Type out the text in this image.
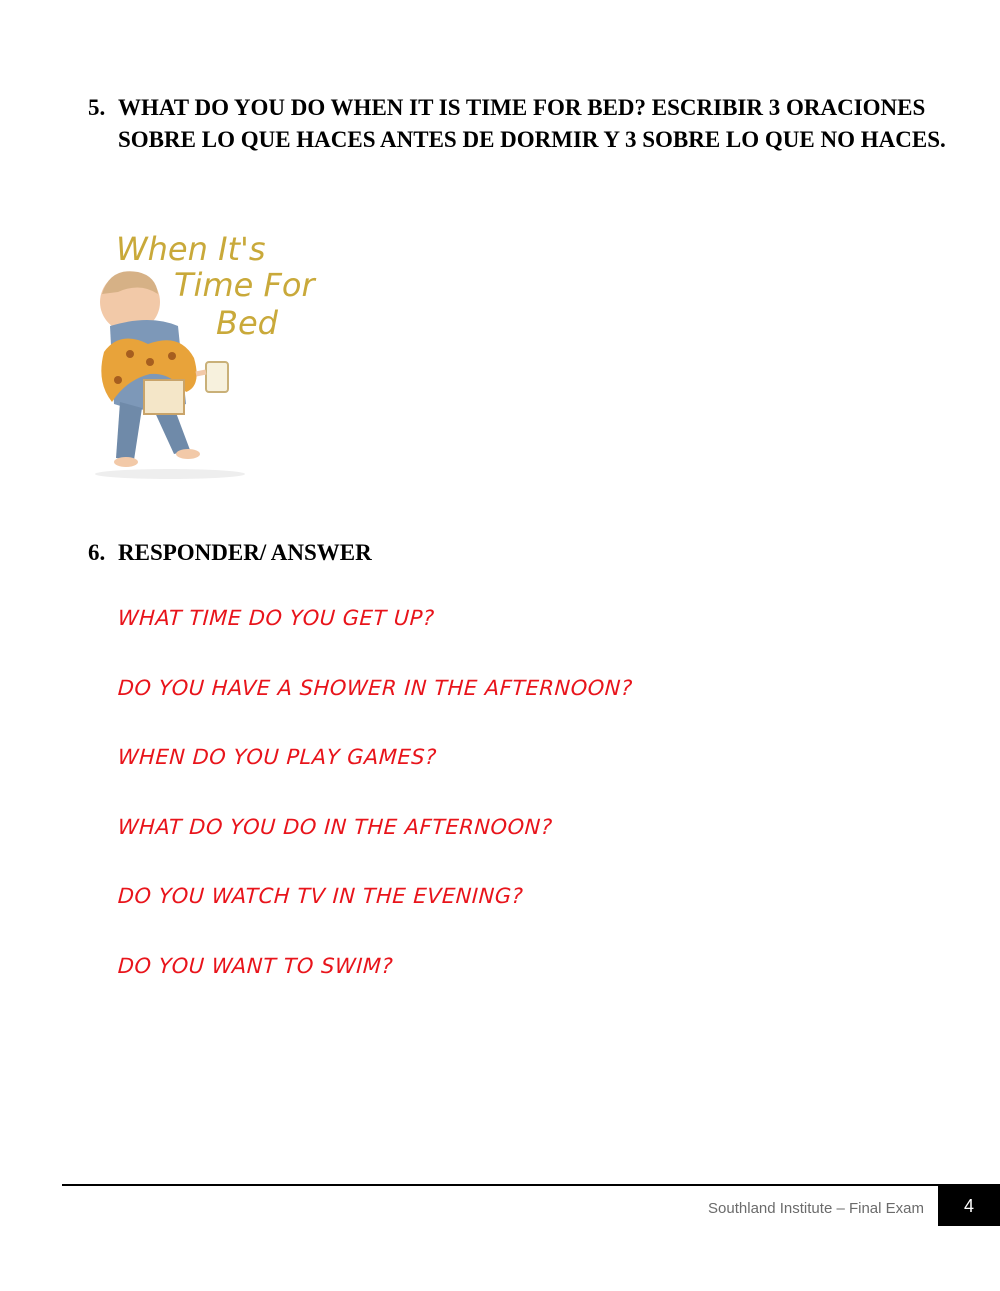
5. WHAT DO YOU DO WHEN IT IS TIME FOR BED? ESCRIBIR 3 ORACIONES SOBRE LO QUE HACES ANTES DE DORMIR Y 3 SOBRE LO QUE NO HACES.
When It's
Time For
Bed
6. RESPONDER/ ANSWER
WHAT TIME DO YOU GET UP?
DO YOU HAVE A SHOWER IN THE AFTERNOON?
WHEN DO YOU PLAY GAMES?
WHAT DO YOU DO IN THE AFTERNOON?
DO YOU WATCH TV IN THE EVENING?
DO YOU WANT TO SWIM?
Southland Institute – Final Exam	4
